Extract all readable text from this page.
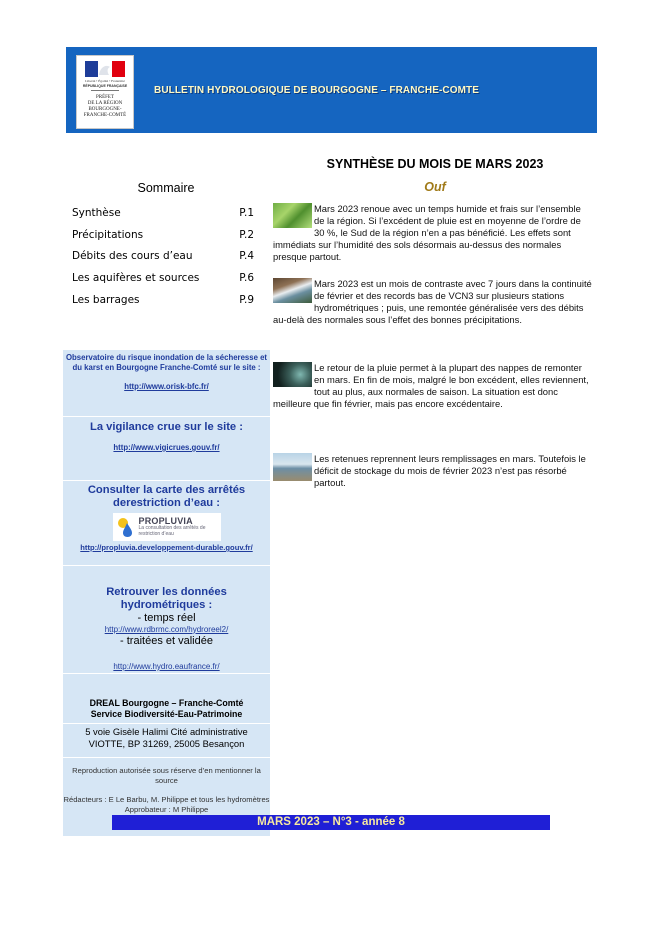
Liberté • Égalité • Fraternité
RÉPUBLIQUE FRANÇAISE
PRÉFET
DE LA RÉGION
BOURGOGNE-
FRANCHE-COMTÉ
BULLETIN HYDROLOGIQUE DE BOURGOGNE – FRANCHE-COMTE
SYNTHÈSE DU MOIS DE MARS 2023
Ouf
Sommaire
Synthèse	P.1
Précipitations	P.2
Débits des cours d’eau	P.4
Les aquifères et sources	P.6
Les barrages	P.9
Observatoire du risque inondation de la sécheresse et du karst en Bourgogne Franche-Comté sur le site :
http://www.orisk-bfc.fr/
La vigilance crue sur le site :
http://www.vigicrues.gouv.fr/
Consulter la carte des arrêtés derestriction d’eau :
PROPLUVIA
La consultation des arrêtés de restriction d’eau
http://propluvia.developpement-durable.gouv.fr/
Retrouver les données hydrométriques :
- temps réel
http://www.rdbrmc.com/hydroreel2/
- traitées et validée
http://www.hydro.eaufrance.fr/
DREAL Bourgogne – Franche-Comté
Service Biodiversité-Eau-Patrimoine
5 voie Gisèle Halimi Cité administrative
VIOTTE, BP 31269, 25005 Besançon
Reproduction autorisée sous réserve d’en mentionner la source
Rédacteurs : E Le Barbu, M. Philippe et tous les hydromètres
Approbateur : M Philippe
Mars 2023 renoue avec un temps humide et frais sur l’ensemble de la région. Si l’excédent de pluie est en moyenne de l’ordre de 30 %, le Sud de la région n’en a pas bénéficié. Les effets sont immédiats sur l’humidité des sols désormais au-dessus des normales presque partout.
Mars 2023 est un mois de contraste avec 7 jours dans la continuité de février et des records bas de VCN3 sur plusieurs stations hydrométriques ; puis, une remontée généralisée vers des débits au-delà des normales sous l’effet des bonnes précipitations.
Le retour de la pluie permet à la plupart des nappes de remonter en mars. En fin de mois, malgré le bon excédent, elles reviennent, tout au plus, aux normales de saison. La situation est donc meilleure que fin février, mais pas encore excédentaire.
Les retenues reprennent leurs remplissages en mars. Toutefois le déficit de stockage du mois de février 2023 n’est pas résorbé partout.
MARS 2023 – N°3 - année 8
